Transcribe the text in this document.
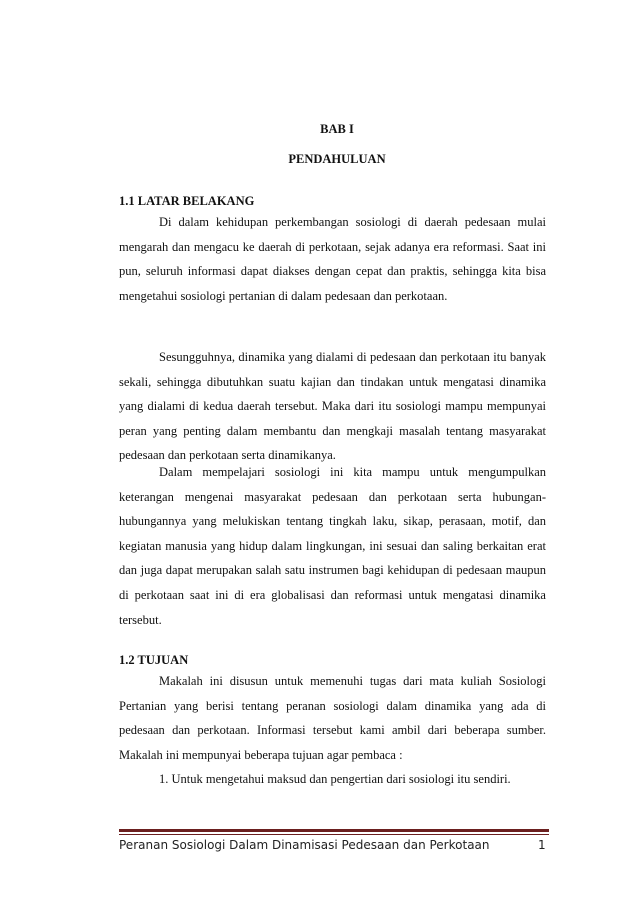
BAB I
PENDAHULUAN
1.1 LATAR BELAKANG

Di dalam kehidupan perkembangan sosiologi di daerah pedesaan mulai mengarah dan mengacu ke daerah di perkotaan, sejak adanya era reformasi. Saat ini pun, seluruh informasi dapat diakses dengan cepat dan praktis, sehingga kita bisa mengetahui sosiologi pertanian di dalam pedesaan dan perkotaan.

Sesungguhnya, dinamika yang dialami di pedesaan dan perkotaan itu banyak sekali, sehingga dibutuhkan suatu kajian dan tindakan untuk mengatasi dinamika yang dialami di kedua daerah tersebut. Maka dari itu sosiologi mampu mempunyai peran yang penting dalam membantu dan mengkaji masalah tentang masyarakat pedesaan dan perkotaan serta dinamikanya.

Dalam mempelajari sosiologi ini kita mampu untuk mengumpulkan keterangan mengenai masyarakat pedesaan dan perkotaan serta hubungan-hubungannya yang melukiskan tentang tingkah laku, sikap, perasaan, motif, dan kegiatan manusia yang hidup dalam lingkungan, ini sesuai dan saling berkaitan erat dan juga dapat merupakan salah satu instrumen bagi kehidupan di pedesaan maupun di perkotaan saat ini di era globalisasi dan reformasi untuk mengatasi dinamika tersebut.

1.2 TUJUAN

Makalah ini disusun untuk memenuhi tugas dari mata kuliah Sosiologi Pertanian yang berisi tentang peranan sosiologi dalam dinamika yang ada di pedesaan dan perkotaan. Informasi tersebut kami ambil dari beberapa sumber. Makalah ini mempunyai beberapa tujuan agar pembaca :

1. Untuk mengetahui maksud dan pengertian dari sosiologi itu sendiri.
Peranan Sosiologi Dalam Dinamisasi Pedesaan dan Perkotaan	1
